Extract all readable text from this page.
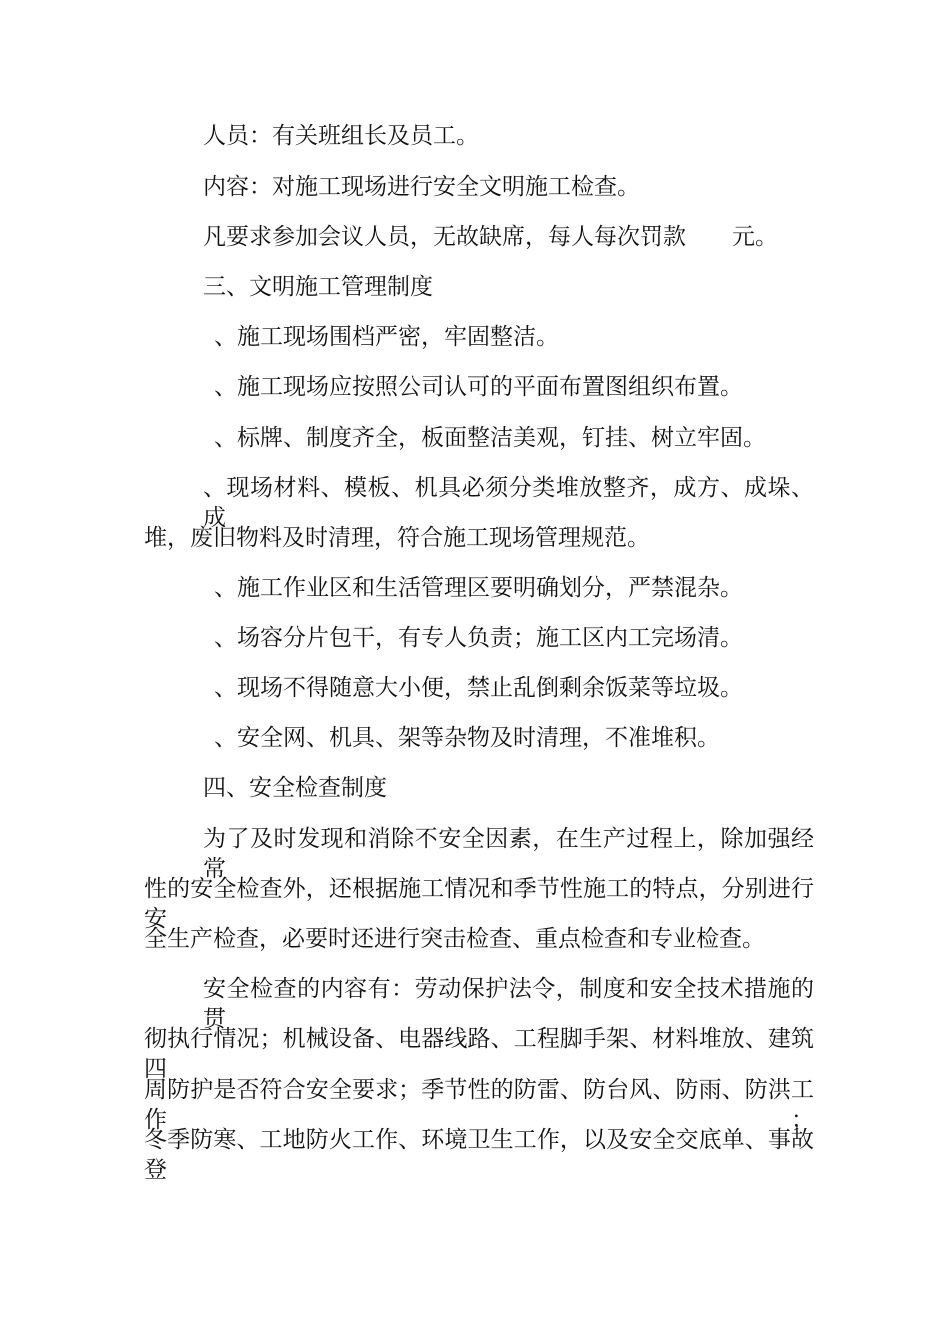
人员：有关班组长及员工。
内容：对施工现场进行安全文明施工检查。
凡要求参加会议人员，无故缺席，每人每次罚款　　元。
三、文明施工管理制度
、施工现场围档严密，牢固整洁。
、施工现场应按照公司认可的平面布置图组织布置。
、标牌、制度齐全，板面整洁美观，钉挂、树立牢固。
、现场材料、模板、机具必须分类堆放整齐，成方、成垛、成
堆，废旧物料及时清理，符合施工现场管理规范。
、施工作业区和生活管理区要明确划分，严禁混杂。
、场容分片包干，有专人负责；施工区内工完场清。
、现场不得随意大小便，禁止乱倒剩余饭菜等垃圾。
、安全网、机具、架等杂物及时清理，不准堆积。
四、安全检查制度
为了及时发现和消除不安全因素，在生产过程上，除加强经常
性的安全检查外，还根据施工情况和季节性施工的特点，分别进行安
全生产检查，必要时还进行突击检查、重点检查和专业检查。
安全检查的内容有：劳动保护法令，制度和安全技术措施的贯
彻执行情况；机械设备、电器线路、工程脚手架、材料堆放、建筑四
周防护是否符合安全要求；季节性的防雷、防台风、防雨、防洪工作；
冬季防寒、工地防火工作、环境卫生工作，以及安全交底单、事故登
